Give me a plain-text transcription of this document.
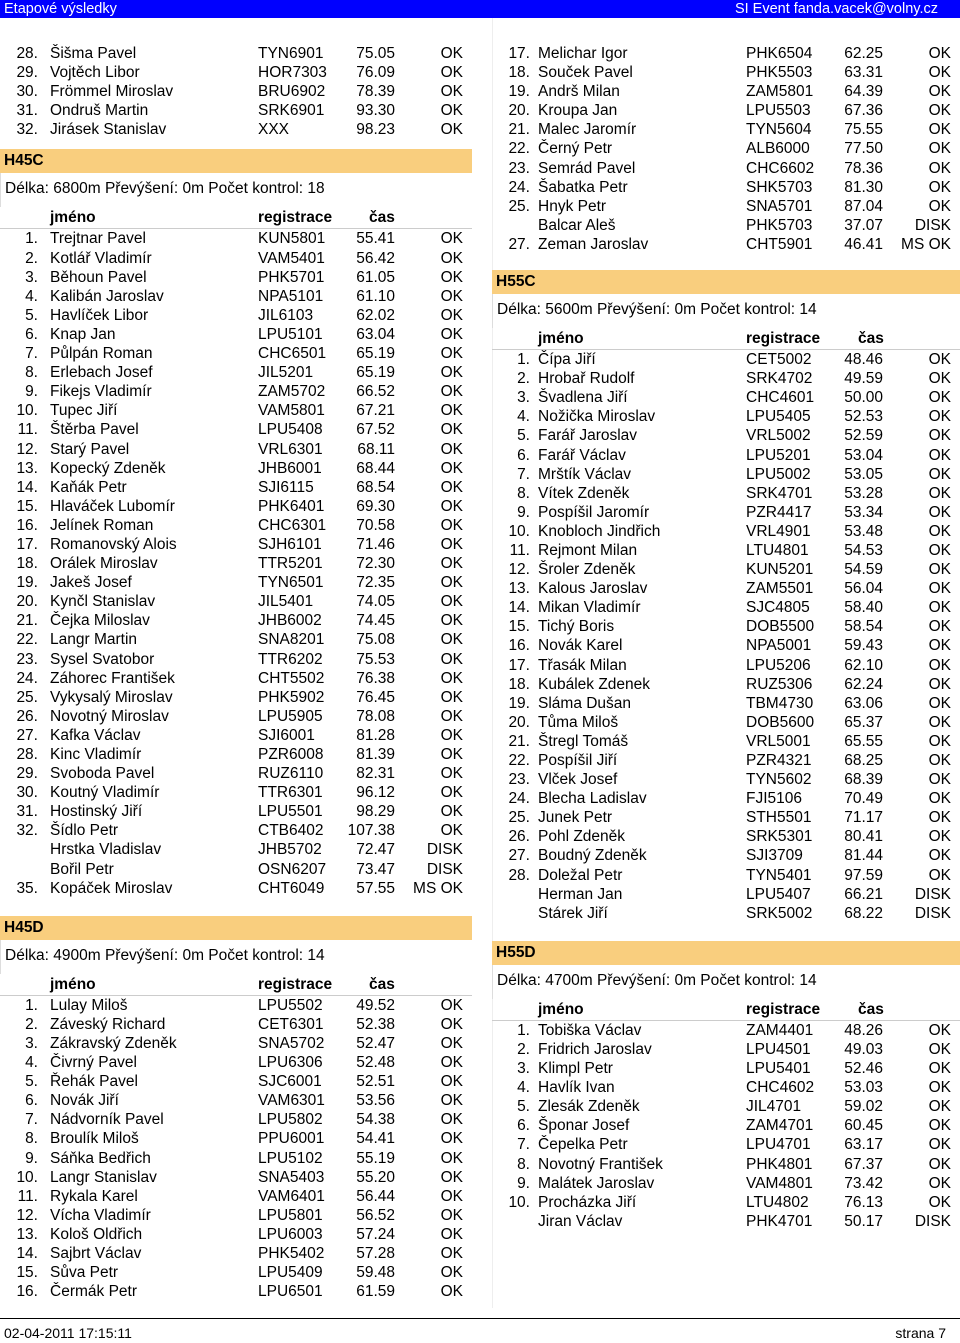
Etapové výsledky	SI Event fanda.vacek@volny.cz
28. Šišma Pavel	TYN6901	75.05	OK
29. Vojtěch Libor	HOR7303	76.09	OK
30. Frömmel Miroslav	BRU6902	78.39	OK
31. Ondruš Martin	SRK6901	93.30	OK
32. Jirásek Stanislav	XXX	98.23	OK
H45C
Délka: 6800m Převýšení: 0m Počet kontrol: 18
jméno	registrace čas
1. Trejtnar Pavel	KUN5801	55.41	OK
2. Kotlář Vladimír	VAM5401	56.42	OK
3. Běhoun Pavel	PHK5701	61.05	OK
4. Kalibán Jaroslav	NPA5101	61.10	OK
5. Havlíček Libor	JIL6103	62.02	OK
6. Knap Jan	LPU5101	63.04	OK
7. Půlpán Roman	CHC6501	65.19	OK
8. Erlebach Josef	JIL5201	65.19	OK
9. Fikejs Vladimír	ZAM5702	66.52	OK
10. Tupec Jiří	VAM5801	67.21	OK
11. Štěrba Pavel	LPU5408	67.52	OK
12. Starý Pavel	VRL6301	68.11	OK
13. Kopecký Zdeněk	JHB6001	68.44	OK
14. Kaňák Petr	SJI6115	68.54	OK
15. Hlaváček Lubomír	PHK6401	69.30	OK
16. Jelínek Roman	CHC6301	70.58	OK
17. Romanovský Alois	SJH6101	71.46	OK
18. Orálek Miroslav	TTR5201	72.30	OK
19. Jakeš Josef	TYN6501	72.35	OK
20. Kynčl Stanislav	JIL5401	74.05	OK
21. Čejka Miloslav	JHB6002	74.45	OK
22. Langr Martin	SNA8201	75.08	OK
23. Sysel Svatobor	TTR6202	75.53	OK
24. Záhorec František	CHT5502	76.38	OK
25. Vykysalý Miroslav	PHK5902	76.45	OK
26. Novotný Miroslav	LPU5905	78.08	OK
27. Kafka Václav	SJI6001	81.28	OK
28. Kinc Vladimír	PZR6008	81.39	OK
29. Svoboda Pavel	RUZ6110	82.31	OK
30. Koutný Vladimír	TTR6301	96.12	OK
31. Hostinský Jiří	LPU5501	98.29	OK
32. Šídlo Petr	CTB6402	107.38	OK
Hrstka Vladislav	JHB5702	72.47	DISK
Bořil Petr	OSN6207	73.47	DISK
35. Kopáček Miroslav	CHT6049	57.55	MS OK
H45D
Délka: 4900m Převýšení: 0m Počet kontrol: 14
jméno	registrace čas
1. Lulay Miloš	LPU5502	49.52	OK
2. Záveský Richard	CET6301	52.38	OK
3. Zákravský Zdeněk	SNA5702	52.47	OK
4. Čivrný Pavel	LPU6306	52.48	OK
5. Řehák Pavel	SJC6001	52.51	OK
6. Novák Jiří	VAM6301	53.56	OK
7. Nádvorník Pavel	LPU5802	54.38	OK
8. Broulík Miloš	PPU6001	54.41	OK
9. Sáňka Bedřich	LPU5102	55.19	OK
10. Langr Stanislav	SNA5403	55.20	OK
11. Rykala Karel	VAM6401	56.44	OK
12. Vícha Vladimír	LPU5801	56.52	OK
13. Kološ Oldřich	LPU6003	57.24	OK
14. Sajbrt Václav	PHK5402	57.28	OK
15. Sůva Petr	LPU5409	59.48	OK
16. Čermák Petr	LPU6501	61.59	OK
17. Melichar Igor	PHK6504	62.25	OK
18. Souček Pavel	PHK5503	63.31	OK
19. Andrš Milan	ZAM5801	64.39	OK
20. Kroupa Jan	LPU5503	67.36	OK
21. Malec Jaromír	TYN5604	75.55	OK
22. Černý Petr	ALB6000	77.50	OK
23. Semrád Pavel	CHC6602	78.36	OK
24. Šabatka Petr	SHK5703	81.30	OK
25. Hnyk Petr	SNA5701	87.04	OK
Balcar Aleš	PHK5703	37.07	DISK
27. Zeman Jaroslav	CHT5901	46.41	MS OK
H55C
Délka: 5600m Převýšení: 0m Počet kontrol: 14
jméno	registrace čas
1. Čípa Jiří	CET5002	48.46	OK
2. Hrobař Rudolf	SRK4702	49.59	OK
3. Švadlena Jiří	CHC4601	50.00	OK
4. Nožička Miroslav	LPU5405	52.53	OK
5. Farář Jaroslav	VRL5002	52.59	OK
6. Farář Václav	LPU5201	53.04	OK
7. Mrštík Václav	LPU5002	53.05	OK
8. Vítek Zdeněk	SRK4701	53.28	OK
9. Pospíšil Jaromír	PZR4417	53.34	OK
10. Knobloch Jindřich	VRL4901	53.48	OK
11. Rejmont Milan	LTU4801	54.53	OK
12. Šroler Zdeněk	KUN5201	54.59	OK
13. Kalous Jaroslav	ZAM5501	56.04	OK
14. Mikan Vladimír	SJC4805	58.40	OK
15. Tichý Boris	DOB5500	58.54	OK
16. Novák Karel	NPA5001	59.43	OK
17. Třasák Milan	LPU5206	62.10	OK
18. Kubálek Zdenek	RUZ5306	62.24	OK
19. Sláma Dušan	TBM4730	63.06	OK
20. Tůma Miloš	DOB5600	65.37	OK
21. Štregl Tomáš	VRL5001	65.55	OK
22. Pospíšil Jiří	PZR4321	68.25	OK
23. Vlček Josef	TYN5602	68.39	OK
24. Blecha Ladislav	FJI5106	70.49	OK
25. Junek Petr	STH5501	71.17	OK
26. Pohl Zdeněk	SRK5301	80.41	OK
27. Boudný Zdeněk	SJI3709	81.44	OK
28. Doležal Petr	TYN5401	97.59	OK
Herman Jan	LPU5407	66.21	DISK
Stárek Jiří	SRK5002	68.22	DISK
H55D
Délka: 4700m Převýšení: 0m Počet kontrol: 14
jméno	registrace čas
1. Tobiška Václav	ZAM4401	48.26	OK
2. Fridrich Jaroslav	LPU4501	49.03	OK
3. Klimpl Petr	LPU5401	52.46	OK
4. Havlík Ivan	CHC4602	53.03	OK
5. Zlesák Zdeněk	JIL4701	59.02	OK
6. Šponar Josef	ZAM4701	60.45	OK
7. Čepelka Petr	LPU4701	63.17	OK
8. Novotný František	PHK4801	67.37	OK
9. Malátek Jaroslav	VAM4801	73.42	OK
10. Procházka Jiří	LTU4802	76.13	OK
Jiran Václav	PHK4701	50.17	DISK
02-04-2011 17:15:11	strana 7
